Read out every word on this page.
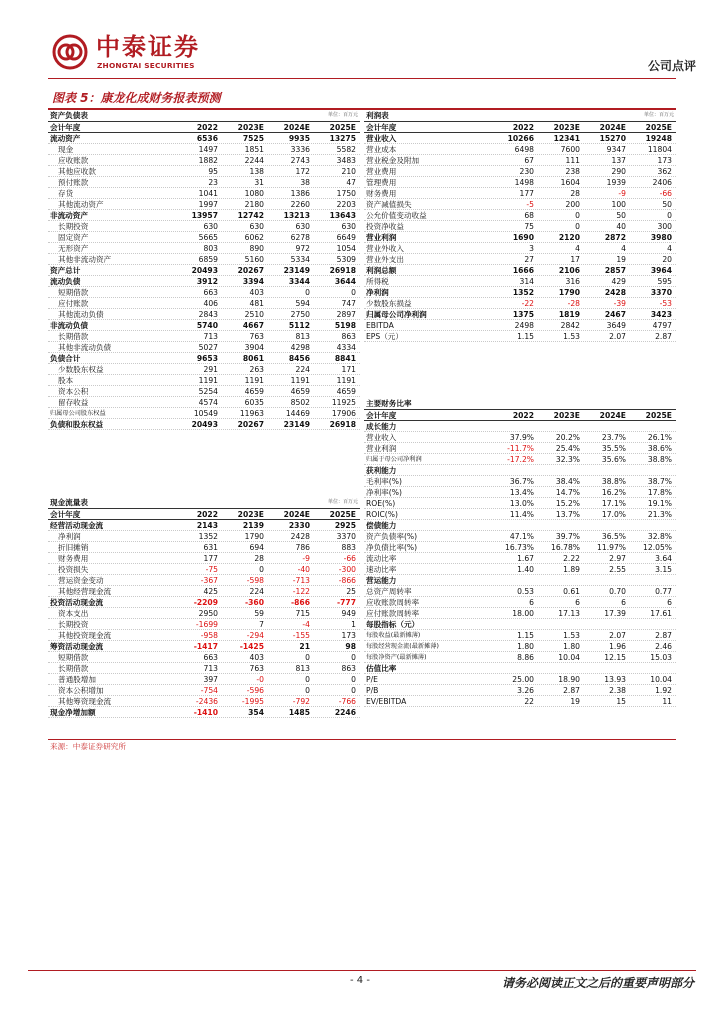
中泰证券
ZHONGTAI SECURITIES	公司点评
图表 5：康龙化成财务报表预测
资产负债表	单位：百万元
会计年度	2022	2023E	2024E	2025E
流动资产	6536	7525	9935	13275
现金	1497	1851	3336	5582
应收账款	1882	2244	2743	3483
其他应收款	95	138	172	210
预付账款	23	31	38	47
存货	1041	1080	1386	1750
其他流动资产	1997	2180	2260	2203
非流动资产	13957	12742	13213	13643
长期投资	630	630	630	630
固定资产	5665	6062	6278	6649
无形资产	803	890	972	1054
其他非流动资产	6859	5160	5334	5309
资产总计	20493	20267	23149	26918
流动负债	3912	3394	3344	3644
短期借款	663	403	0	0
应付账款	406	481	594	747
其他流动负债	2843	2510	2750	2897
非流动负债	5740	4667	5112	5198
长期借款	713	763	813	863
其他非流动负债	5027	3904	4298	4334
负债合计	9653	8061	8456	8841
少数股东权益	291	263	224	171
股本	1191	1191	1191	1191
资本公积	5254	4659	4659	4659
留存收益	4574	6035	8502	11925
归属母公司股东权益	10549	11963	14469	17906
负债和股东权益	20493	20267	23149	26918
利润表	单位：百万元
会计年度	2022	2023E	2024E	2025E
营业收入	10266	12341	15270	19248
营业成本	6498	7600	9347	11804
营业税金及附加	67	111	137	173
营业费用	230	238	290	362
管理费用	1498	1604	1939	2406
财务费用	177	28	-9	-66
资产减值损失	-5	200	100	50
公允价值变动收益	68	0	50	0
投资净收益	75	0	40	300
营业利润	1690	2120	2872	3980
营业外收入	3	4	4	4
营业外支出	27	17	19	20
利润总额	1666	2106	2857	3964
所得税	314	316	429	595
净利润	1352	1790	2428	3370
少数股东损益	-22	-28	-39	-53
归属母公司净利润	1375	1819	2467	3423
EBITDA	2498	2842	3649	4797
EPS（元）	1.15	1.53	2.07	2.87
现金流量表	单位：百万元
会计年度	2022	2023E	2024E	2025E
经营活动现金流	2143	2139	2330	2925
净利润	1352	1790	2428	3370
折旧摊销	631	694	786	883
财务费用	177	28	-9	-66
投资损失	-75	0	-40	-300
营运资金变动	-367	-598	-713	-866
其他经营现金流	425	224	-122	25
投资活动现金流	-2209	-360	-866	-777
资本支出	2950	59	715	949
长期投资	-1699	7	-4	1
其他投资现金流	-958	-294	-155	173
筹资活动现金流	-1417	-1425	21	98
短期借款	663	403	0	0
长期借款	713	763	813	863
普通股增加	397	-0	0	0
资本公积增加	-754	-596	0	0
其他筹资现金流	-2436	-1995	-792	-766
现金净增加额	-1410	354	1485	2246
主要财务比率
会计年度	2022	2023E	2024E	2025E
成长能力
营业收入	37.9%	20.2%	23.7%	26.1%
营业利润	-11.7%	25.4%	35.5%	38.6%
归属于母公司净利润	-17.2%	32.3%	35.6%	38.8%
获利能力
毛利率(%)	36.7%	38.4%	38.8%	38.7%
净利率(%)	13.4%	14.7%	16.2%	17.8%
ROE(%)	13.0%	15.2%	17.1%	19.1%
ROIC(%)	11.4%	13.7%	17.0%	21.3%
偿债能力
资产负债率(%)	47.1%	39.7%	36.5%	32.8%
净负债比率(%)	16.73%	16.78%	11.97%	12.05%
流动比率	1.67	2.22	2.97	3.64
速动比率	1.40	1.89	2.55	3.15
营运能力
总资产周转率	0.53	0.61	0.70	0.77
应收账款周转率	6	6	6	6
应付账款周转率	18.00	17.13	17.39	17.61
每股指标（元）
每股收益(最新摊薄)	1.15	1.53	2.07	2.87
每股经营现金流(最新摊薄)	1.80	1.80	1.96	2.46
每股净资产(最新摊薄)	8.86	10.04	12.15	15.03
估值比率
P/E	25.00	18.90	13.93	10.04
P/B	3.26	2.87	2.38	1.92
EV/EBITDA	22	19	15	11
来源：中泰证券研究所
- 4 -	请务必阅读正文之后的重要声明部分
